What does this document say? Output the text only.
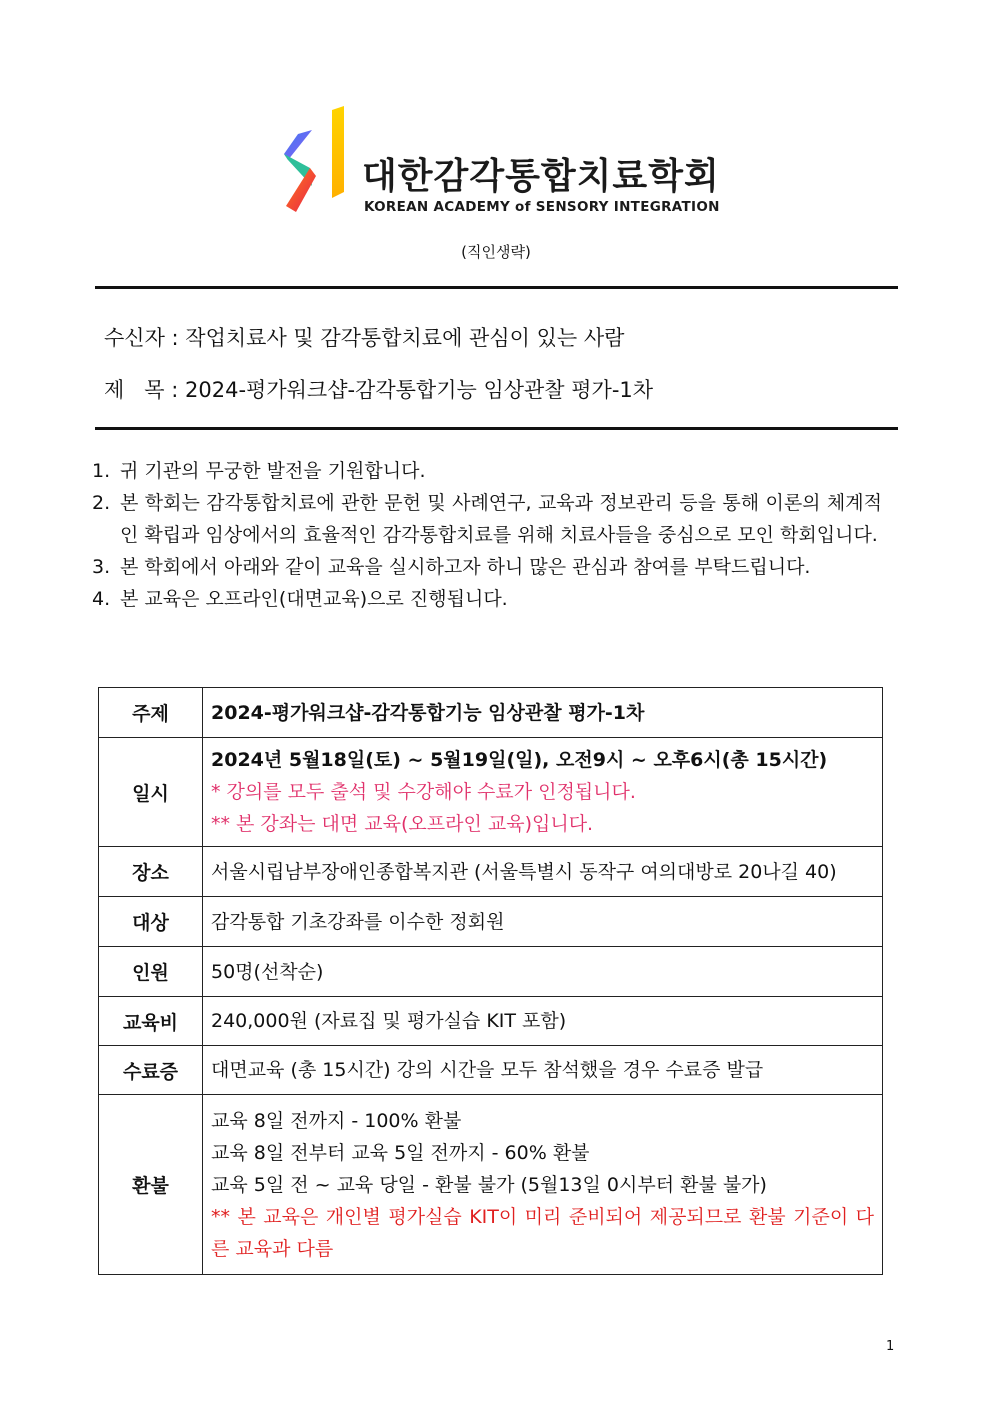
대한감각통합치료학회
KOREAN ACADEMY of SENSORY INTEGRATION
(직인생략)
수신자 : 작업치료사 및 감각통합치료에 관심이 있는 사람
제   목 : 2024-평가워크샵-감각통합기능 임상관찰 평가-1차
1. 귀 기관의 무궁한 발전을 기원합니다.
2. 본 학회는 감각통합치료에 관한 문헌 및 사례연구, 교육과 정보관리 등을 통해 이론의 체계적인 확립과 임상에서의 효율적인 감각통합치료를 위해 치료사들을 중심으로 모인 학회입니다.
3. 본 학회에서 아래와 같이 교육을 실시하고자 하니 많은 관심과 참여를 부탁드립니다.
4. 본 교육은 오프라인(대면교육)으로 진행됩니다.
주제	2024-평가워크샵-감각통합기능 임상관찰 평가-1차
일시	2024년 5월18일(토) ~ 5월19일(일), 오전9시 ~ 오후6시(총 15시간)
* 강의를 모두 출석 및 수강해야 수료가 인정됩니다.
** 본 강좌는 대면 교육(오프라인 교육)입니다.

장소	서울시립남부장애인종합복지관 (서울특별시 동작구 여의대방로 20나길 40)
대상	감각통합 기초강좌를 이수한 정회원
인원	50명(선착순)
교육비	240,000원 (자료집 및 평가실습 KIT 포함)
수료증	대면교육 (총 15시간) 강의 시간을 모두 참석했을 경우 수료증 발급
환불	교육 8일 전까지 - 100% 환불
교육 8일 전부터 교육 5일 전까지 - 60% 환불
교육 5일 전 ~ 교육 당일 - 환불 불가 (5월13일 0시부터 환불 불가)
** 본 교육은 개인별 평가실습 KIT이 미리 준비되어 제공되므로 환불 기준이 다른 교육과 다름
1
